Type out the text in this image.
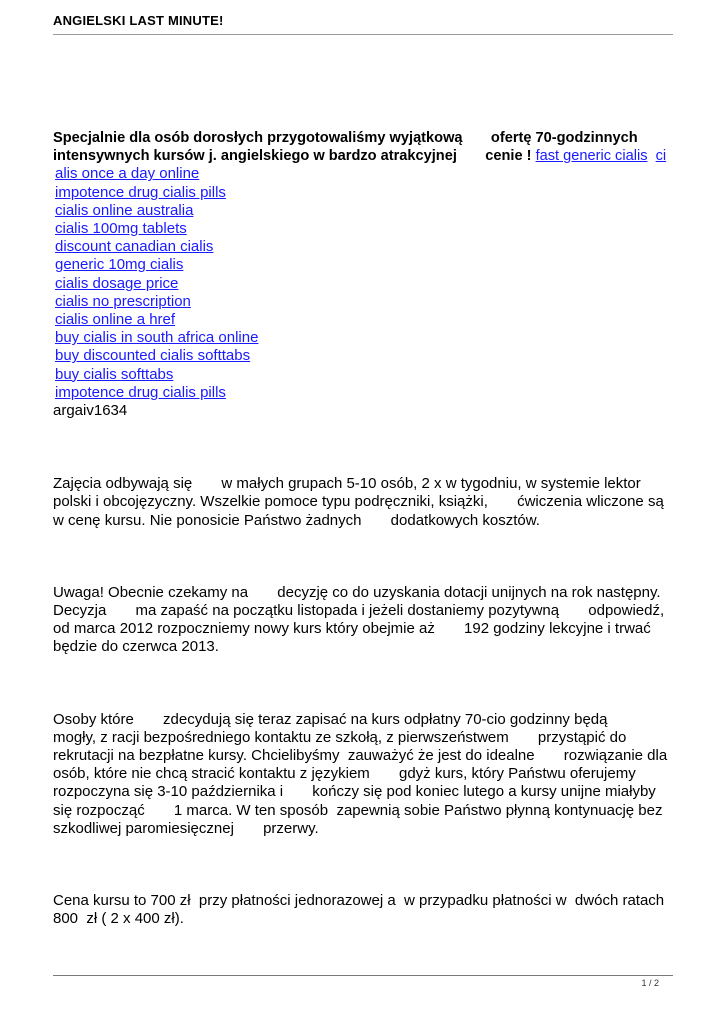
ANGIELSKI LAST MINUTE!

Specjalnie dla osób dorosłych przygotowaliśmy wyjątkową       ofertę 70-godzinnych intensywnych kursów j. angielskiego w bardzo atrakcyjnej       cenie ! fast generic cialis ci

alis once a day online
impotence drug cialis pills
cialis online australia
cialis 100mg tablets
discount canadian cialis
generic 10mg cialis
cialis dosage price
cialis no prescription
cialis online a href
buy cialis in south africa online
buy discounted cialis softtabs
buy cialis softtabs
impotence drug cialis pills
argaiv1634

Zajęcia odbywają się       w małych grupach 5-10 osób, 2 x w tygodniu, w systemie lektor polski i obcojęzyczny. Wszelkie pomoce typu podręczniki, książki,       ćwiczenia wliczone są w cenę kursu. Nie ponosicie Państwo żadnych       dodatkowych kosztów.

Uwaga! Obecnie czekamy na       decyzję co do uzyskania dotacji unijnych na rok następny. Decyzja       ma zapaść na początku listopada i jeżeli dostaniemy pozytywną       odpowiedź, od marca 2012 rozpoczniemy nowy kurs który obejmie aż       192 godziny lekcyjne i trwać będzie do czerwca 2013.

Osoby które       zdecydują się teraz zapisać na kurs odpłatny 70-cio godzinny będą       mogły, z racji bezpośredniego kontaktu ze szkołą, z pierwszeństwem       przystąpić do rekrutacji na bezpłatne kursy. Chcielibyśmy  zauważyć że jest do idealne       rozwiązanie dla osób, które nie chcą stracić kontaktu z językiem       gdyż kurs, który Państwu oferujemy rozpoczyna się 3-10 października i       kończy się pod koniec lutego a kursy unijne miałyby się rozpocząć       1 marca. W ten sposób  zapewnią sobie Państwo płynną kontynuację bez szkodliwej paromiesięcznej       przerwy.

Cena kursu to 700 zł  przy płatności jednorazowej a  w przypadku płatności w  dwóch ratach 800  zł ( 2 x 400 zł).

1 / 2
